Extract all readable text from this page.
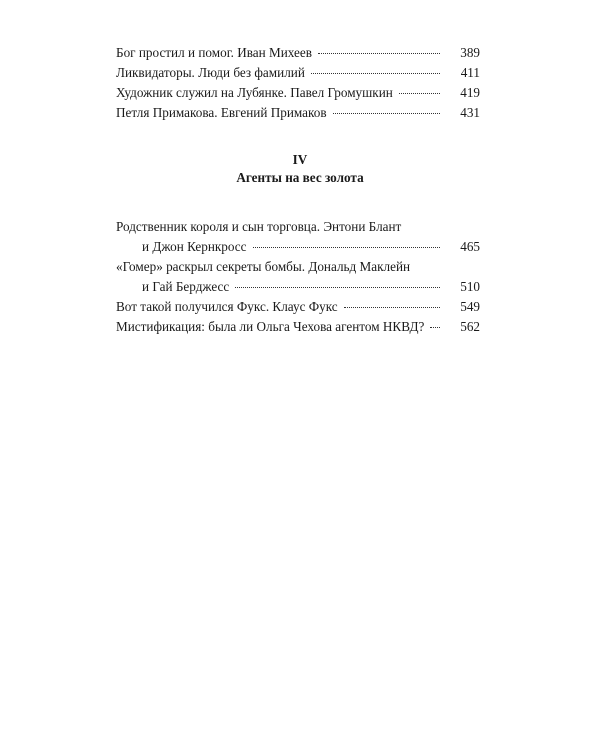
Бог простил и помог. Иван Михеев	389
Ликвидаторы. Люди без фамилий	411
Художник служил на Лубянке. Павел Громушкин	419
Петля Примакова. Евгений Примаков	431
IV
Агенты на вес золота
Родственник короля и сын торговца. Энтони Блант
и Джон Кернкросс	465
«Гомер» раскрыл секреты бомбы. Дональд Маклейн
и Гай Берджесс	510
Вот такой получился Фукс. Клаус Фукс	549
Мистификация: была ли Ольга Чехова агентом НКВД?	562
